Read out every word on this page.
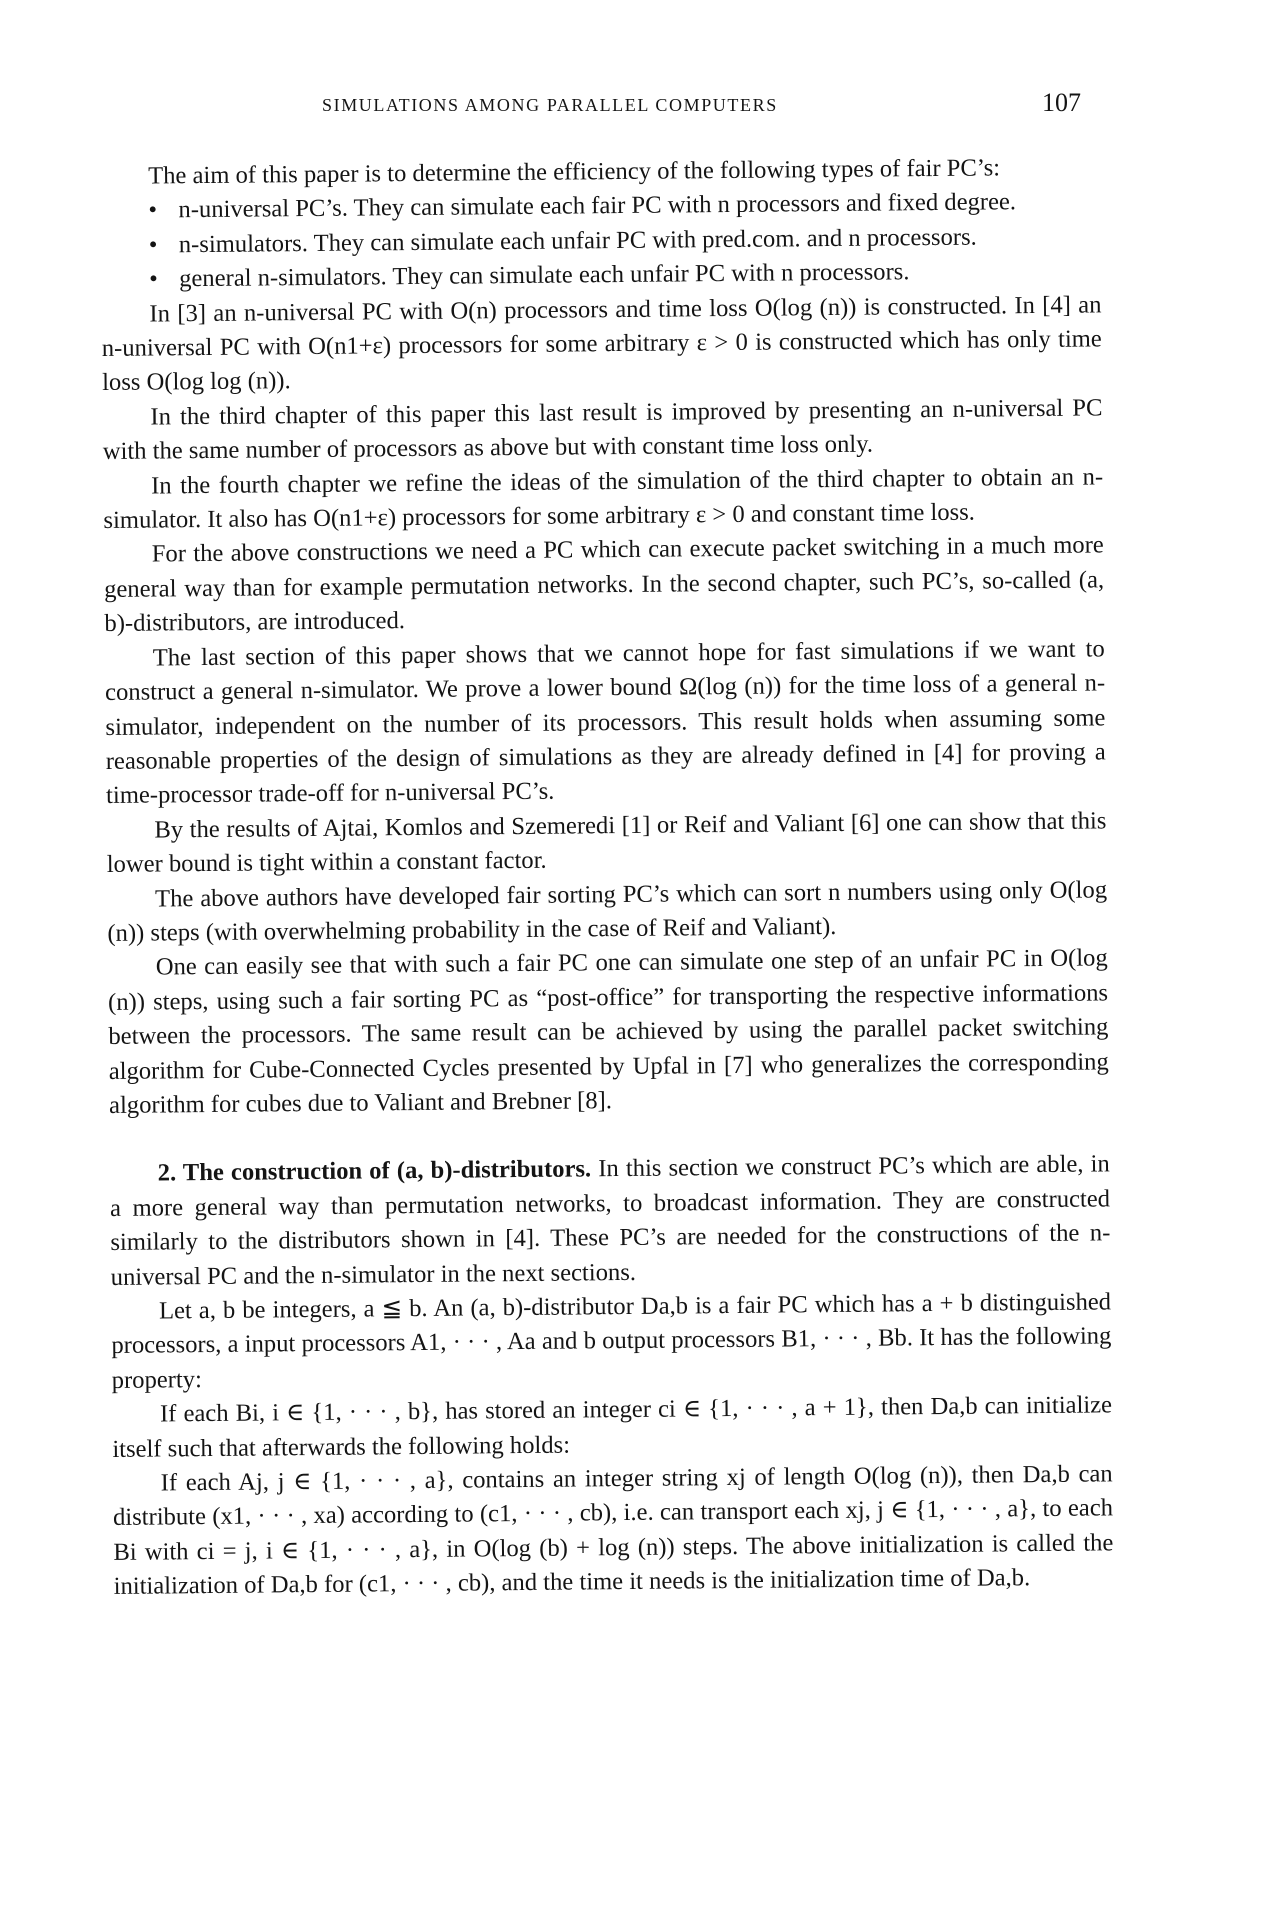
SIMULATIONS AMONG PARALLEL COMPUTERS	107

The aim of this paper is to determine the efficiency of the following types of fair PC’s:

• n-universal PC’s. They can simulate each fair PC with n processors and fixed degree.
• n-simulators. They can simulate each unfair PC with pred.com. and n processors.
• general n-simulators. They can simulate each unfair PC with n processors.

In [3] an n-universal PC with O(n) processors and time loss O(log (n)) is constructed. In [4] an n-universal PC with O(n1+ε) processors for some arbitrary ε > 0 is constructed which has only time loss O(log log (n)).

In the third chapter of this paper this last result is improved by presenting an n-universal PC with the same number of processors as above but with constant time loss only.

In the fourth chapter we refine the ideas of the simulation of the third chapter to obtain an n-simulator. It also has O(n1+ε) processors for some arbitrary ε > 0 and constant time loss.

For the above constructions we need a PC which can execute packet switching in a much more general way than for example permutation networks. In the second chapter, such PC’s, so-called (a, b)-distributors, are introduced.

The last section of this paper shows that we cannot hope for fast simulations if we want to construct a general n-simulator. We prove a lower bound Ω(log (n)) for the time loss of a general n-simulator, independent on the number of its processors. This result holds when assuming some reasonable properties of the design of simulations as they are already defined in [4] for proving a time-processor trade-off for n-universal PC’s.

By the results of Ajtai, Komlos and Szemeredi [1] or Reif and Valiant [6] one can show that this lower bound is tight within a constant factor.

The above authors have developed fair sorting PC’s which can sort n numbers using only O(log (n)) steps (with overwhelming probability in the case of Reif and Valiant).

One can easily see that with such a fair PC one can simulate one step of an unfair PC in O(log (n)) steps, using such a fair sorting PC as “post-office” for transporting the respective informations between the processors. The same result can be achieved by using the parallel packet switching algorithm for Cube-Connected Cycles presented by Upfal in [7] who generalizes the corresponding algorithm for cubes due to Valiant and Brebner [8].

2. The construction of (a, b)-distributors. In this section we construct PC’s which are able, in a more general way than permutation networks, to broadcast information. They are constructed similarly to the distributors shown in [4]. These PC’s are needed for the constructions of the n-universal PC and the n-simulator in the next sections.

Let a, b be integers, a ≦ b. An (a, b)-distributor Da,b is a fair PC which has a + b distinguished processors, a input processors A1, · · · , Aa and b output processors B1, · · · , Bb. It has the following property:

If each Bi, i ∈ {1, · · · , b}, has stored an integer ci ∈ {1, · · · , a + 1}, then Da,b can initialize itself such that afterwards the following holds:

If each Aj, j ∈ {1, · · · , a}, contains an integer string xj of length O(log (n)), then Da,b can distribute (x1, · · · , xa) according to (c1, · · · , cb), i.e. can transport each xj, j ∈ {1, · · · , a}, to each Bi with ci = j, i ∈ {1, · · · , a}, in O(log (b) + log (n)) steps. The above initialization is called the initialization of Da,b for (c1, · · · , cb), and the time it needs is the initialization time of Da,b.
